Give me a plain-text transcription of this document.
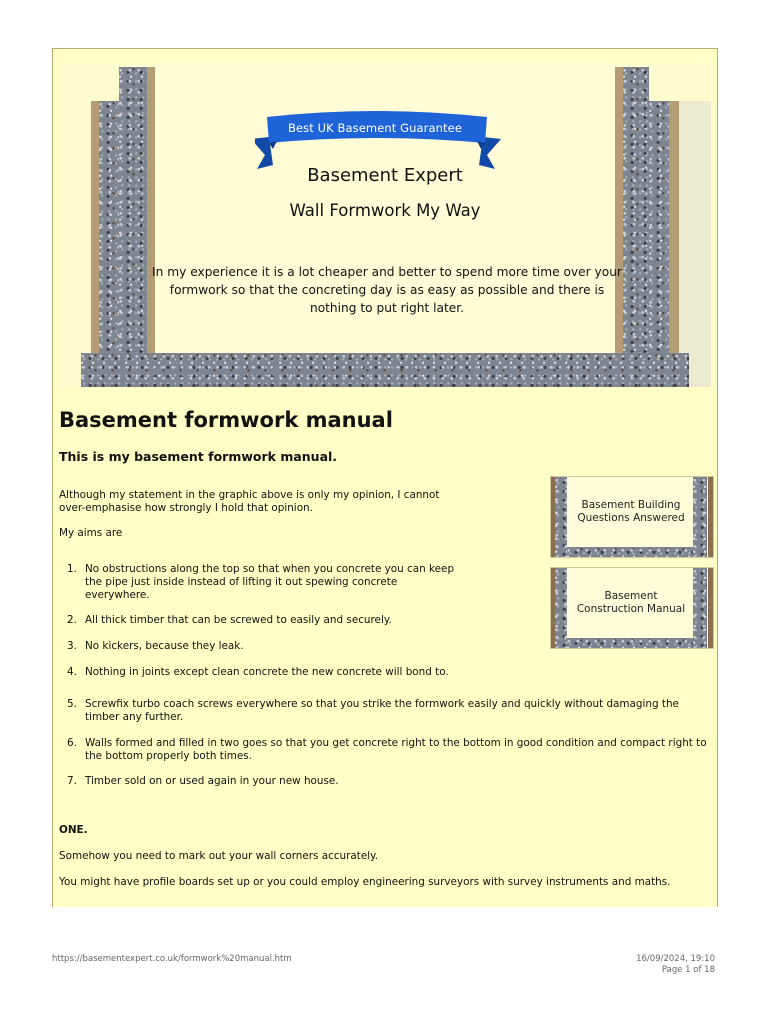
Best UK Basement Guarantee
Basement Expert
Wall Formwork My Way
In my experience it is a lot cheaper and better to spend more time over your formwork so that the concreting day is as easy as possible and there is nothing to put right later.
Basement formwork manual
This is my basement formwork manual.
Although my statement in the graphic above is only my opinion, I cannot over-emphasise how strongly I hold that opinion.
My aims are
1. No obstructions along the top so that when you concrete you can keep the pipe just inside instead of lifting it out spewing concrete everywhere.
2. All thick timber that can be screwed to easily and securely.
3. No kickers, because they leak.
4. Nothing in joints except clean concrete the new concrete will bond to.
5. Screwfix turbo coach screws everywhere so that you strike the formwork easily and quickly without damaging the timber any further.
6. Walls formed and filled in two goes so that you get concrete right to the bottom in good condition and compact right to the bottom properly both times.
7. Timber sold on or used again in your new house.
ONE.
Somehow you need to mark out your wall corners accurately.
You might have profile boards set up or you could employ engineering surveyors with survey instruments and maths.
Basement Building Questions Answered
Basement Construction Manual
https://basementexpert.co.uk/formwork%20manual.htm	16/09/2024, 19:10
Page 1 of 18
